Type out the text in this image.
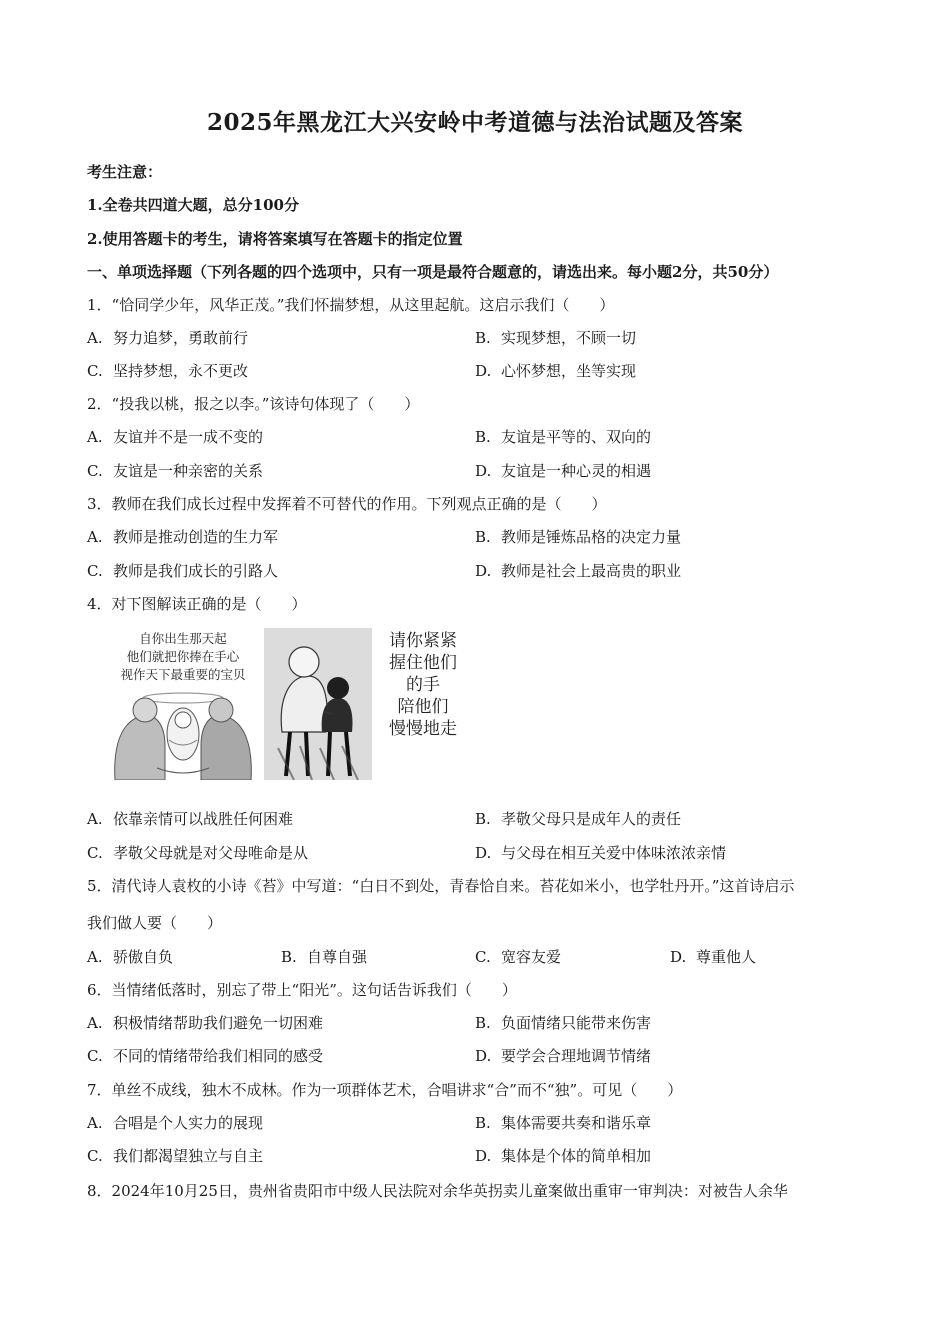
2025年黑龙江大兴安岭中考道德与法治试题及答案
考生注意：
1.全卷共四道大题，总分100分
2.使用答题卡的考生，请将答案填写在答题卡的指定位置
一、单项选择题（下列各题的四个选项中，只有一项是最符合题意的，请选出来。每小题2分，共50分）
1．“恰同学少年，风华正茂。”我们怀揣梦想，从这里起航。这启示我们（　　）
A. 努力追梦，勇敢前行	B. 实现梦想，不顾一切
C. 坚持梦想，永不更改	D. 心怀梦想，坐等实现
2．“投我以桃，报之以李。”该诗句体现了（　　）
A. 友谊并不是一成不变的	B. 友谊是平等的、双向的
C. 友谊是一种亲密的关系	D. 友谊是一种心灵的相遇
3．教师在我们成长过程中发挥着不可替代的作用。下列观点正确的是（　　）
A. 教师是推动创造的生力军	B. 教师是锤炼品格的决定力量
C. 教师是我们成长的引路人	D. 教师是社会上最高贵的职业
4．对下图解读正确的是（　　）
自你出生那天起
他们就把你捧在手心
视作天下最重要的宝贝
请你紧紧
握住他们
的手
陪他们
慢慢地走
A. 依靠亲情可以战胜任何困难	B. 孝敬父母只是成年人的责任
C. 孝敬父母就是对父母唯命是从	D. 与父母在相互关爱中体味浓浓亲情
5．清代诗人袁枚的小诗《苔》中写道：“白日不到处，青春恰自来。苔花如米小，也学牡丹开。”这首诗启示
我们做人要（　　）
A. 骄傲自负	B. 自尊自强	C. 宽容友爱	D. 尊重他人
6．当情绪低落时，别忘了带上“阳光”。这句话告诉我们（　　）
A. 积极情绪帮助我们避免一切困难	B. 负面情绪只能带来伤害
C. 不同的情绪带给我们相同的感受	D. 要学会合理地调节情绪
7．单丝不成线，独木不成林。作为一项群体艺术，合唱讲求“合”而不“独”。可见（　　）
A. 合唱是个人实力的展现	B. 集体需要共奏和谐乐章
C. 我们都渴望独立与自主	D. 集体是个体的简单相加
8．2024年10月25日，贵州省贵阳市中级人民法院对余华英拐卖儿童案做出重审一审判决：对被告人余华
